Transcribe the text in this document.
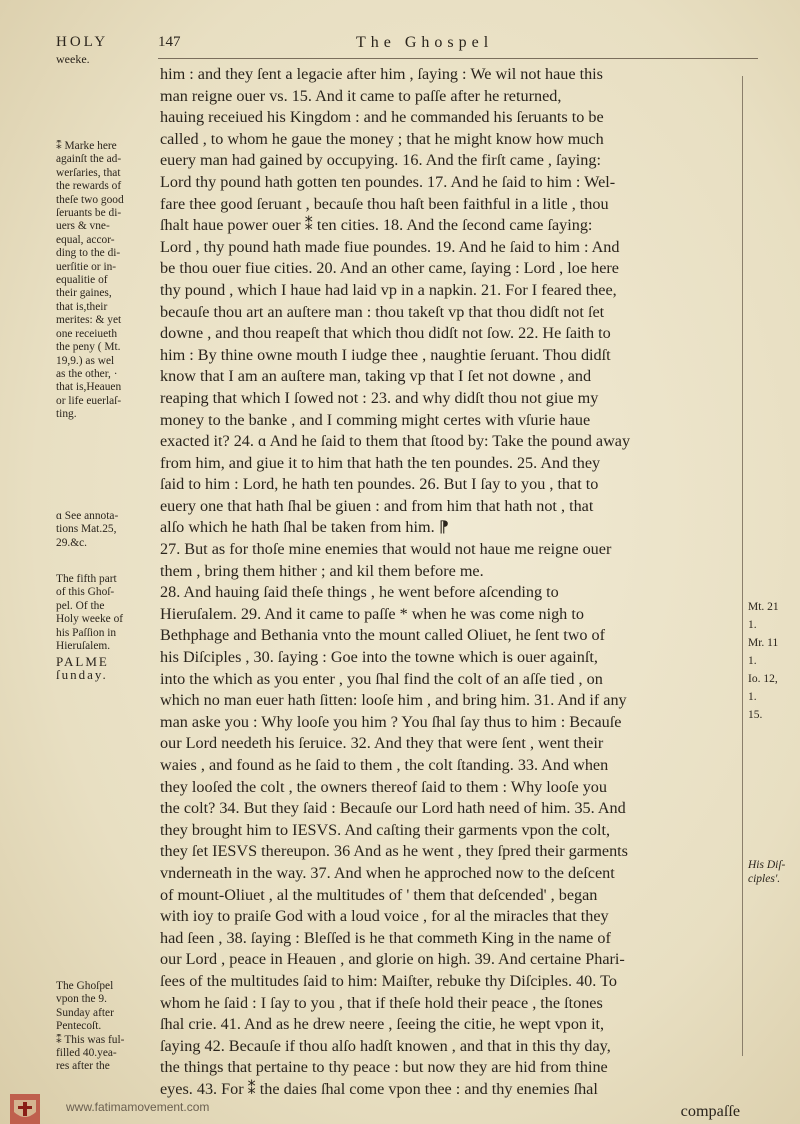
HOLY	147	The Ghospel
weeke.
him : and they ſent a legacie after him , ſaying : We wil not haue this
man reigne ouer vs. 15. And it came to paſſe after he returned,
hauing receiued his Kingdom : and he commanded his ſeruants to be
called , to whom he gaue the money ; that he might know how much
euery man had gained by occupying. 16. And the firſt came , ſaying:
Lord thy pound hath gotten ten poundes. 17. And he ſaid to him : Wel-
fare thee good ſeruant , becauſe thou haſt been faithful in a litle , thou
ſhalt haue power ouer ⁑ ten cities. 18. And the ſecond came ſaying:
Lord , thy pound hath made fiue poundes. 19. And he ſaid to him : And
be thou ouer fiue cities. 20. And an other came, ſaying : Lord , loe here
thy pound , which I haue had laid vp in a napkin. 21. For I feared thee,
becauſe thou art an auſtere man : thou takeſt vp that thou didſt not ſet
downe , and thou reapeſt that which thou didſt not ſow. 22. He ſaith to
him : By thine owne mouth I iudge thee , naughtie ſeruant. Thou didſt
know that I am an auſtere man, taking vp that I ſet not downe , and
reaping that which I ſowed not : 23. and why didſt thou not giue my
money to the banke , and I comming might certes with vſurie haue
exacted it? 24. ɑ And he ſaid to them that ſtood by: Take the pound away
from him, and giue it to him that hath the ten poundes. 25. And they
ſaid to him : Lord, he hath ten poundes. 26. But I ſay to you , that to
euery one that hath ſhal be giuen : and from him that hath not , that
alſo which he hath ſhal be taken from him. ⁋
27. But as for thoſe mine enemies that would not haue me reigne ouer
them , bring them hither ; and kil them before me.
28. And hauing ſaid theſe things , he went before aſcending to
Hieruſalem. 29. And it came to paſſe * when he was come nigh to
Bethphage and Bethania vnto the mount called Oliuet, he ſent two of
his Diſciples , 30. ſaying : Goe into the towne which is ouer againſt,
into the which as you enter , you ſhal find the colt of an aſſe tied , on
which no man euer hath ſitten: looſe him , and bring him. 31. And if any
man aske you : Why looſe you him ? You ſhal ſay thus to him : Becauſe
our Lord needeth his ſeruice. 32. And they that were ſent , went their
waies , and found as he ſaid to them , the colt ſtanding. 33. And when
they looſed the colt , the owners thereof ſaid to them : Why looſe you
the colt? 34. But they ſaid : Becauſe our Lord hath need of him. 35. And
they brought him to IESVS. And caſting their garments vpon the colt,
they ſet IESVS thereupon. 36 And as he went , they ſpred their garments
vnderneath in the way. 37. And when he approched now to the deſcent
of mount-Oliuet , al the multitudes of ' them that deſcended' , began
with ioy to praiſe God with a loud voice , for al the miracles that they
had ſeen , 38. ſaying : Bleſſed is he that commeth King in the name of
our Lord , peace in Heauen , and glorie on high. 39. And certaine Phari-
ſees of the multitudes ſaid to him: Maiſter, rebuke thy Diſciples. 40. To
whom he ſaid : I ſay to you , that if theſe hold their peace , the ſtones
ſhal crie. 41. And as he drew neere , ſeeing the citie, he wept vpon it,
ſaying 42. Becauſe if thou alſo hadſt knowen , and that in this thy day,
the things that pertaine to thy peace : but now they are hid from thine
eyes. 43. For ⁑ the daies ſhal come vpon thee : and thy enemies ſhal
compaſſe
⁑ Marke here
againſt the ad-
werſaries, that
the rewards of
theſe two good
ſeruants be di-
uers & vne-
equal, accor-
ding to the di-
uerſitie or in-
equalitie of
their gaines,
that is,their
merites: & yet
one receiueth
the peny ( Mt.
19,9.) as wel
as the other, ·
that is,Heauen
or life euerlaſ-
ting.
ɑ See annota-
tions Mat.25,
29.&c.
The fifth part
of this Ghoſ-
pel. Of the
Holy weeke of
his Paſſion in
Hieruſalem.
PALME
ſunday.
The Ghoſpel
vpon the 9.
Sunday after
Pentecoſt.
⁑ This was ful-
filled 40.yea-
res after the
Mt. 21
1.
Mr. 11
1.
Io. 12,
1.
15.
His Diſ-
ciples'.
www.fatimamovement.com
